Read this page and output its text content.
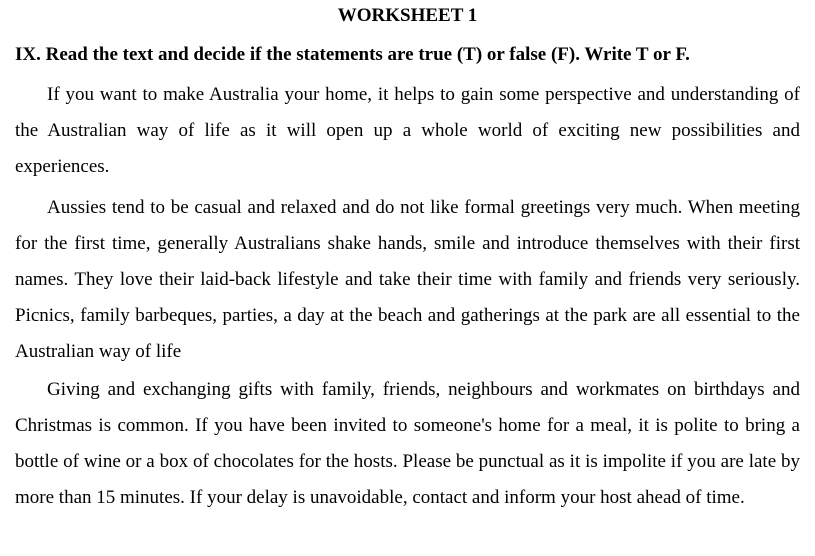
WORKSHEET 1
IX. Read the text and decide if the statements are true (T) or false (F). Write T or F.

If you want to make Australia your home, it helps to gain some perspective and understanding of the Australian way of life as it will open up a whole world of exciting new possibilities and experiences.

Aussies tend to be casual and relaxed and do not like formal greetings very much. When meeting for the first time, generally Australians shake hands, smile and introduce themselves with their first names. They love their laid-back lifestyle and take their time with family and friends very seriously. Picnics, family barbeques, parties, a day at the beach and gatherings at the park are all essential to the Australian way of life

Giving and exchanging gifts with family, friends, neighbours and workmates on birthdays and Christmas is common. If you have been invited to someone's home for a meal, it is polite to bring a bottle of wine or a box of chocolates for the hosts. Please be punctual as it is impolite if you are late by more than 15 minutes. If your delay is unavoidable, contact and inform your host ahead of time.
